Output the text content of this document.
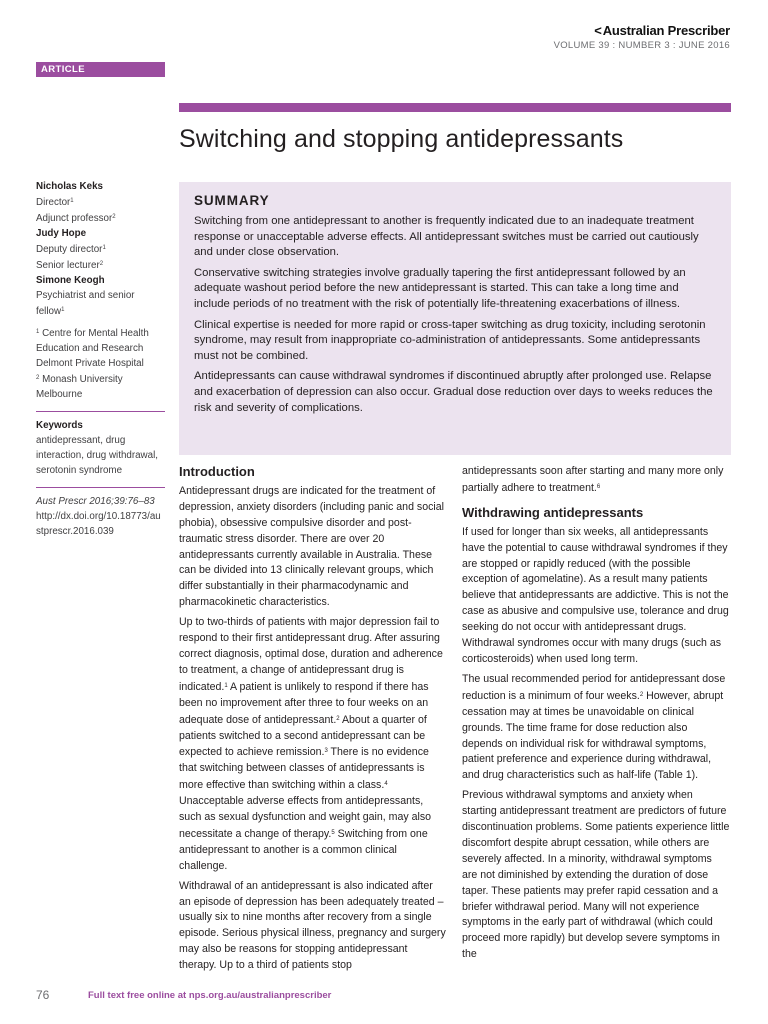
<Australian Prescriber
VOLUME 39 : NUMBER 3 : JUNE 2016
ARTICLE
Switching and stopping antidepressants
Nicholas Keks
Director$^1$
Adjunct professor$^2$
Judy Hope
Deputy director$^1$
Senior lecturer$^2$
Simone Keogh
Psychiatrist and senior fellow$^1$
$^1$ Centre for Mental Health Education and Research Delmont Private Hospital
$^2$ Monash University Melbourne
Keywords
antidepressant, drug interaction, drug withdrawal, serotonin syndrome
Aust Prescr 2016;39:76–83
http://dx.doi.org/10.18773/austprescr.2016.039
SUMMARY

Switching from one antidepressant to another is frequently indicated due to an inadequate treatment response or unacceptable adverse effects. All antidepressant switches must be carried out cautiously and under close observation.

Conservative switching strategies involve gradually tapering the first antidepressant followed by an adequate washout period before the new antidepressant is started. This can take a long time and include periods of no treatment with the risk of potentially life-threatening exacerbations of illness.

Clinical expertise is needed for more rapid or cross-taper switching as drug toxicity, including serotonin syndrome, may result from inappropriate co-administration of antidepressants. Some antidepressants must not be combined.

Antidepressants can cause withdrawal syndromes if discontinued abruptly after prolonged use. Relapse and exacerbation of depression can also occur. Gradual dose reduction over days to weeks reduces the risk and severity of complications.

Introduction

Antidepressant drugs are indicated for the treatment of depression, anxiety disorders (including panic and social phobia), obsessive compulsive disorder and post-traumatic stress disorder. There are over 20 antidepressants currently available in Australia. These can be divided into 13 clinically relevant groups, which differ substantially in their pharmacodynamic and pharmacokinetic characteristics.

Up to two-thirds of patients with major depression fail to respond to their first antidepressant drug. After assuring correct diagnosis, optimal dose, duration and adherence to treatment, a change of antidepressant drug is indicated.$^1$ A patient is unlikely to respond if there has been no improvement after three to four weeks on an adequate dose of antidepressant.$^2$ About a quarter of patients switched to a second antidepressant can be expected to achieve remission.$^3$ There is no evidence that switching between classes of antidepressants is more effective than switching within a class.$^4$ Unacceptable adverse effects from antidepressants, such as sexual dysfunction and weight gain, may also necessitate a change of therapy.$^5$ Switching from one antidepressant to another is a common clinical challenge.

Withdrawal of an antidepressant is also indicated after an episode of depression has been adequately treated – usually six to nine months after recovery from a single episode. Serious physical illness, pregnancy and surgery may also be reasons for stopping antidepressant therapy. Up to a third of patients stop

antidepressants soon after starting and many more only partially adhere to treatment.$^6$

Withdrawing antidepressants

If used for longer than six weeks, all antidepressants have the potential to cause withdrawal syndromes if they are stopped or rapidly reduced (with the possible exception of agomelatine). As a result many patients believe that antidepressants are addictive. This is not the case as abusive and compulsive use, tolerance and drug seeking do not occur with antidepressant drugs. Withdrawal syndromes occur with many drugs (such as corticosteroids) when used long term.

The usual recommended period for antidepressant dose reduction is a minimum of four weeks.$^2$ However, abrupt cessation may at times be unavoidable on clinical grounds. The time frame for dose reduction also depends on individual risk for withdrawal symptoms, patient preference and experience during withdrawal, and drug characteristics such as half-life (Table 1).

Previous withdrawal symptoms and anxiety when starting antidepressant treatment are predictors of future discontinuation problems. Some patients experience little discomfort despite abrupt cessation, while others are severely affected. In a minority, withdrawal symptoms are not diminished by extending the duration of dose taper. These patients may prefer rapid cessation and a briefer withdrawal period. Many will not experience symptoms in the early part of withdrawal (which could proceed more rapidly) but develop severe symptoms in the

76	Full text free online at nps.org.au/australianprescriber
